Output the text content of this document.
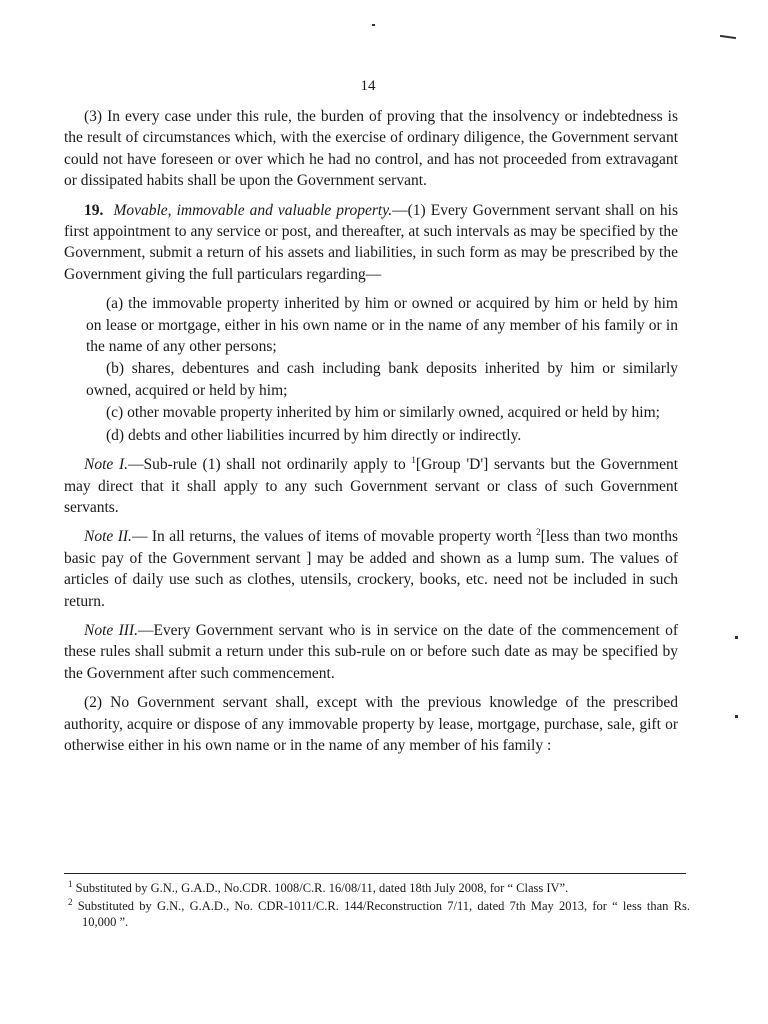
14

(3) In every case under this rule, the burden of proving that the insolvency or indebtedness is the result of circumstances which, with the exercise of ordinary diligence, the Government servant could not have foreseen or over which he had no control, and has not proceeded from extravagant or dissipated habits shall be upon the Government servant.

19. Movable, immovable and valuable property.—(1) Every Government servant shall on his first appointment to any service or post, and thereafter, at such intervals as may be specified by the Government, submit a return of his assets and liabilities, in such form as may be prescribed by the Government giving the full particulars regarding—

(a) the immovable property inherited by him or owned or acquired by him or held by him on lease or mortgage, either in his own name or in the name of any member of his family or in the name of any other persons;

(b) shares, debentures and cash including bank deposits inherited by him or similarly owned, acquired or held by him;

(c) other movable property inherited by him or similarly owned, acquired or held by him;

(d) debts and other liabilities incurred by him directly or indirectly.

Note I.—Sub-rule (1) shall not ordinarily apply to $^1$[Group 'D'] servants but the Government may direct that it shall apply to any such Government servant or class of such Government servants.

Note II.— In all returns, the values of items of movable property worth $^2$[less than two months basic pay of the Government servant ] may be added and shown as a lump sum. The values of articles of daily use such as clothes, utensils, crockery, books, etc. need not be included in such return.

Note III.—Every Government servant who is in service on the date of the commencement of these rules shall submit a return under this sub-rule on or before such date as may be specified by the Government after such commencement.

(2) No Government servant shall, except with the previous knowledge of the prescribed authority, acquire or dispose of any immovable property by lease, mortgage, purchase, sale, gift or otherwise either in his own name or in the name of any member of his family :

$^1$ Substituted by G.N., G.A.D., No.CDR. 1008/C.R. 16/08/11, dated 18th July 2008, for “ Class IV”.

$^2$ Substituted by G.N., G.A.D., No. CDR-1011/C.R. 144/Reconstruction 7/11, dated 7th May 2013, for “ less than Rs. 10,000 ”.
